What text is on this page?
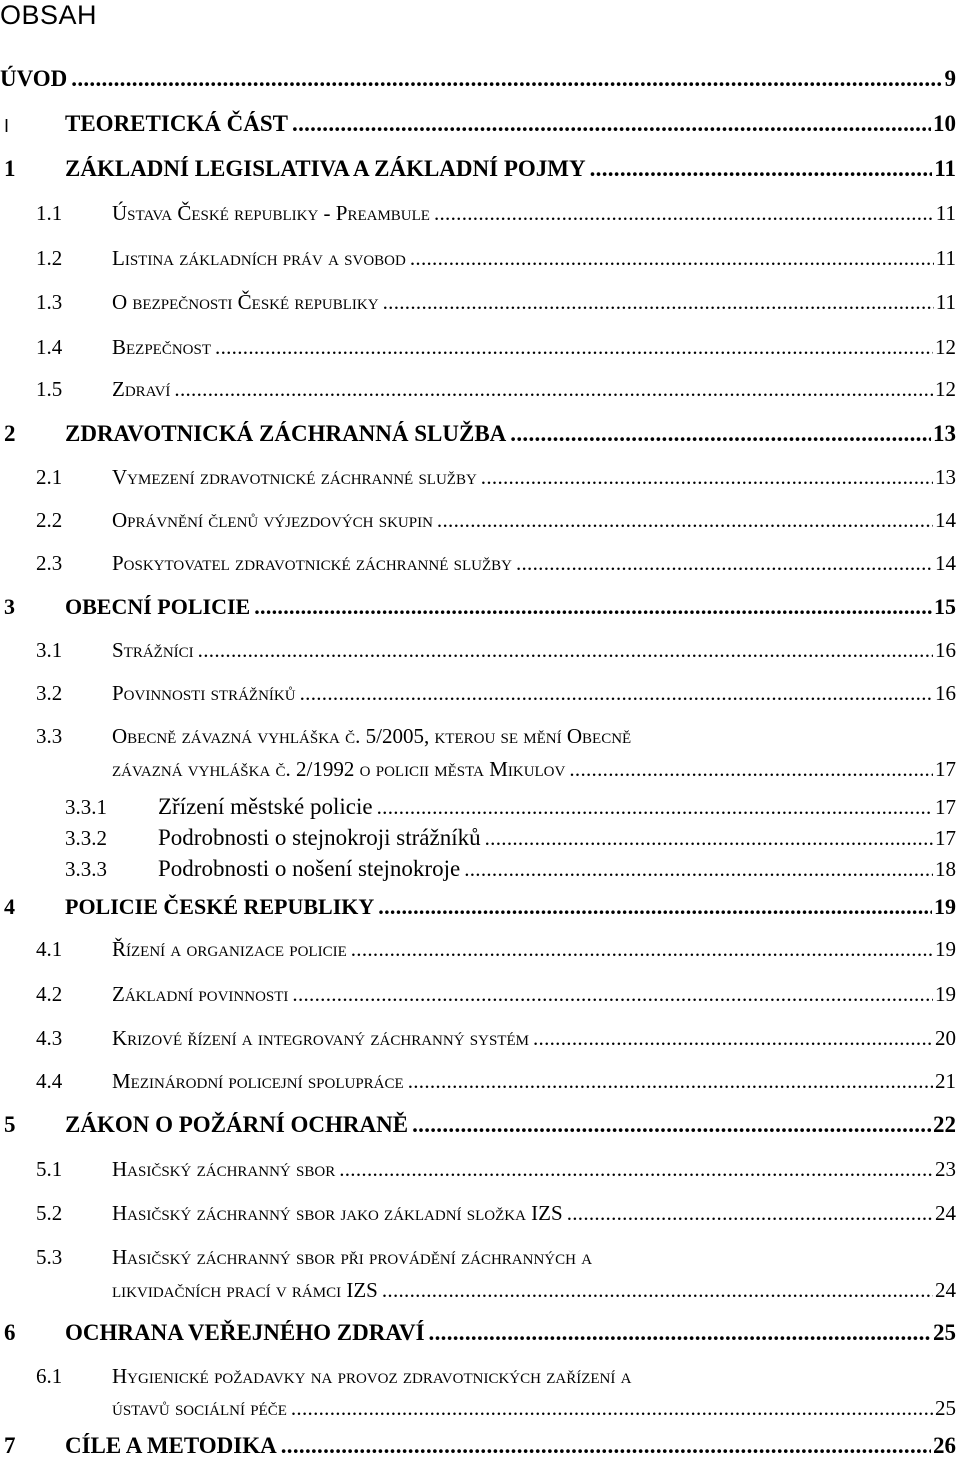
OBSAH
ÚVOD .....	9
I TEORETICKÁ ČÁST .....	10
1 ZÁKLADNÍ LEGISLATIVA A ZÁKLADNÍ POJMY .....	11
1.1 Ústava České republiky - Preambule .....	11
1.2 Listina základních práv a svobod .....	11
1.3 O bezpečnosti České republiky .....	11
1.4 Bezpečnost .....	12
1.5 Zdraví .....	12
2 ZDRAVOTNICKÁ ZÁCHRANNÁ SLUŽBA .....	13
2.1 Vymezení zdravotnické záchranné služby .....	13
2.2 Oprávnění členů výjezdových skupin .....	14
2.3 Poskytovatel zdravotnické záchranné služby .....	14
3 OBECNÍ POLICIE .....	15
3.1 Strážníci .....	16
3.2 Povinnosti strážníků .....	16
3.3 Obecně závazná vyhláška č. 5/2005, kterou se mění Obecně
závazná vyhláška č. 2/1992 o policii města Mikulov .....	17
3.3.1 Zřízení městské policie .....	17
3.3.2 Podrobnosti o stejnokroji strážníků .....	17
3.3.3 Podrobnosti o nošení stejnokroje .....	18
4 POLICIE ČESKÉ REPUBLIKY .....	19
4.1 Řízení a organizace policie .....	19
4.2 Základní povinnosti .....	19
4.3 Krizové řízení a integrovaný záchranný systém .....	20
4.4 Mezinárodní policejní spolupráce .....	21
5 ZÁKON O POŽÁRNÍ OCHRANĚ .....	22
5.1 Hasičský záchranný sbor .....	23
5.2 Hasičský záchranný sbor jako základní složka IZS .....	24
5.3 Hasičský záchranný sbor při provádění záchranných a
likvidačních prací v rámci IZS .....	24
6 OCHRANA VEŘEJNÉHO ZDRAVÍ .....	25
6.1 Hygienické požadavky na provoz zdravotnických zařízení a
ústavů sociální péče .....	25
7 CÍLE A METODIKA .....	26
